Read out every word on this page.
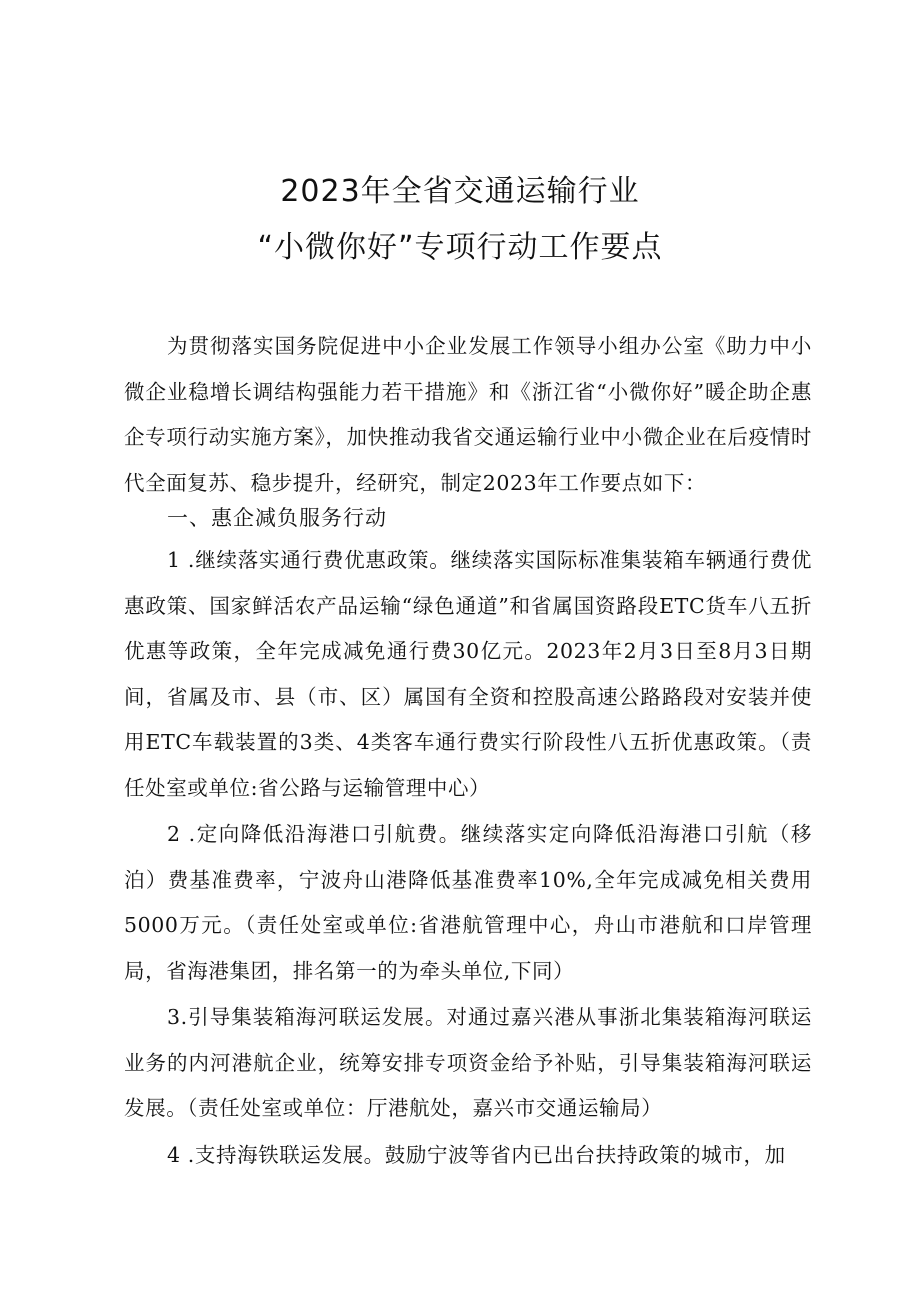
2023年全省交通运输行业
“小微你好”专项行动工作要点

为贯彻落实国务院促进中小企业发展工作领导小组办公室《助力中小微企业稳增长调结构强能力若干措施》和《浙江省“小微你好”暖企助企惠企专项行动实施方案》，加快推动我省交通运输行业中小微企业在后疫情时代全面复苏、稳步提升，经研究，制定2023年工作要点如下：

一、惠企减负服务行动

1 .继续落实通行费优惠政策。继续落实国际标准集装箱车辆通行费优惠政策、国家鲜活农产品运输“绿色通道”和省属国资路段ETC货车八五折优惠等政策，全年完成减免通行费30亿元。2023年2月3日至8月3日期间，省属及市、县（市、区）属国有全资和控股高速公路路段对安装并使用ETC车载装置的3类、4类客车通行费实行阶段性八五折优惠政策。（责任处室或单位:省公路与运输管理中心）

2 .定向降低沿海港口引航费。继续落实定向降低沿海港口引航（移泊）费基准费率，宁波舟山港降低基准费率10%,全年完成减免相关费用5000万元。（责任处室或单位:省港航管理中心，舟山市港航和口岸管理局，省海港集团，排名第一的为牵头单位,下同）

3.引导集装箱海河联运发展。对通过嘉兴港从事浙北集装箱海河联运业务的内河港航企业，统筹安排专项资金给予补贴，引导集装箱海河联运发展。（责任处室或单位：厅港航处，嘉兴市交通运输局）

4 .支持海铁联运发展。鼓励宁波等省内已出台扶持政策的城市，加
